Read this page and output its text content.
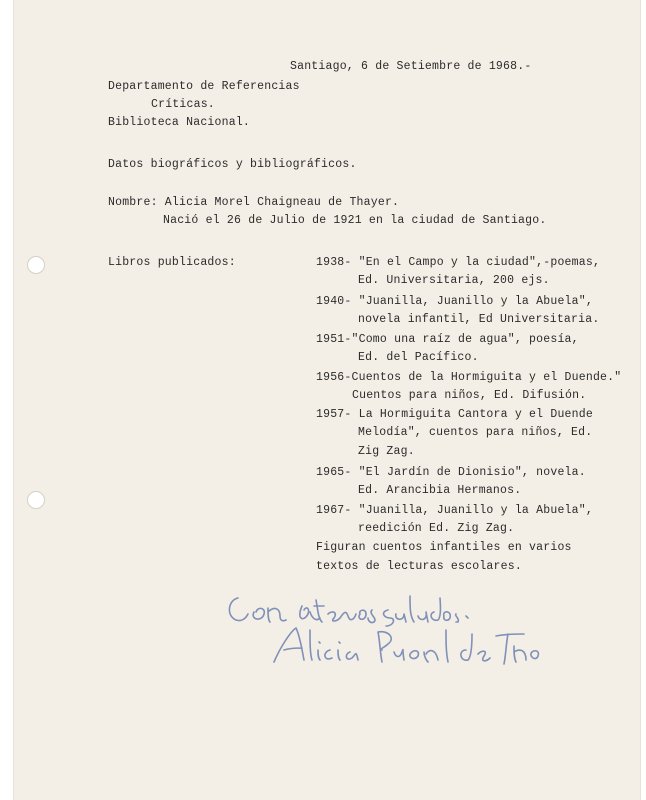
Santiago, 6 de Setiembre de 1968.-

Departamento de Referencias

Críticas.

Biblioteca Nacional.

Datos biográficos y bibliográficos.

Nombre: Alicia Morel Chaigneau de Thayer.

Nació el 26 de Julio de 1921 en la ciudad de Santiago.

Libros publicados:	1938- "En el Campo y la ciudad",-poemas,

Ed. Universitaria, 200 ejs.

1940- "Juanilla, Juanillo y la Abuela",

novela infantil, Ed Universitaria.

1951-"Como una raíz de agua", poesía,

Ed. del Pacífico.

1956-Cuentos de la Hormiguita y el Duende."

Cuentos para niños, Ed. Difusión.

1957- La Hormiguita Cantora y el Duende

Melodía", cuentos para niños, Ed.

Zig Zag.

1965- "El Jardín de Dionisio", novela.

Ed. Arancibia Hermanos.

1967- "Juanilla, Juanillo y la Abuela",

reedición Ed. Zig Zag.

Figuran cuentos infantiles en varios

textos de lecturas escolares.
